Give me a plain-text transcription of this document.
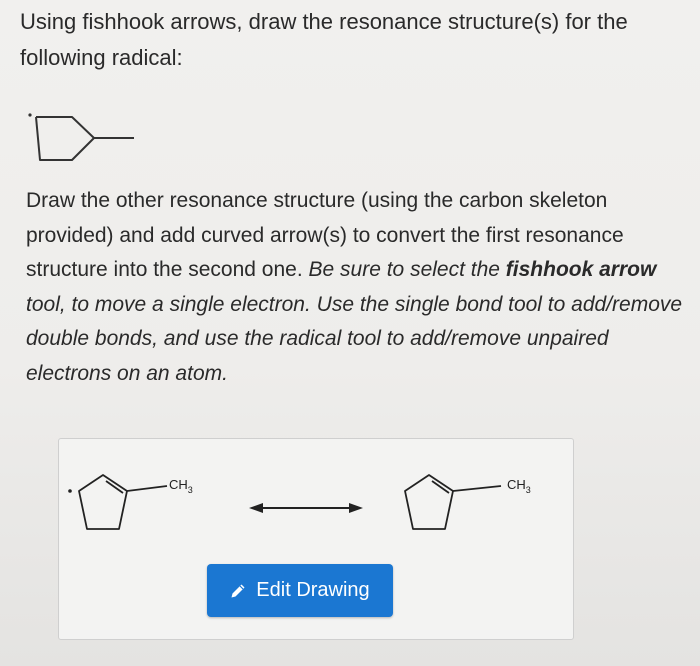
Using fishhook arrows, draw the resonance structure(s) for the following radical:

Draw the other resonance structure (using the carbon skeleton provided) and add curved arrow(s) to convert the first resonance structure into the second one. Be sure to select the fishhook arrow tool, to move a single electron. Use the single bond tool to add/remove double bonds, and use the radical tool to add/remove unpaired electrons on an atom.

$CH_3$	$CH_3$
Edit Drawing
